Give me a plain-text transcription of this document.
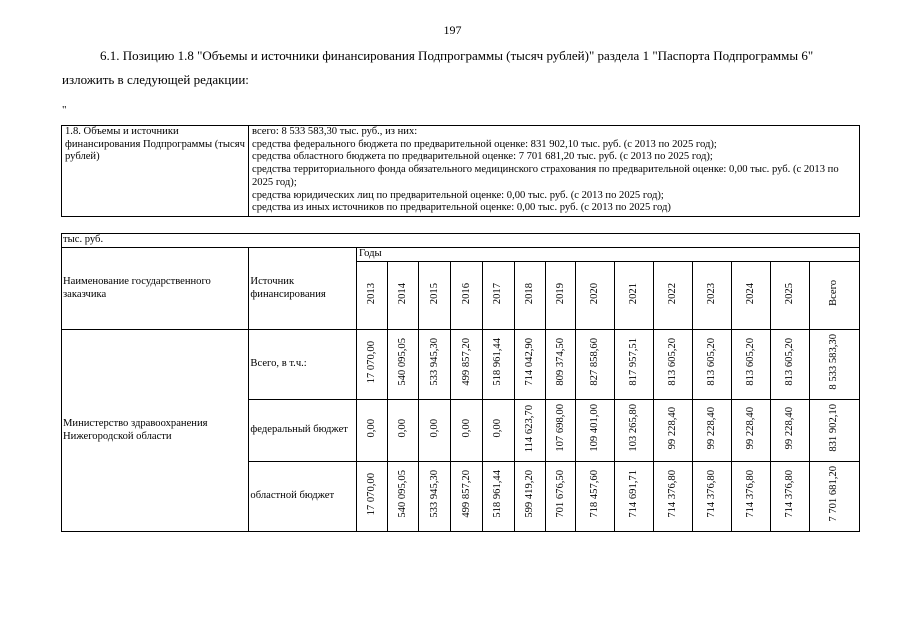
197
6.1. Позицию 1.8 "Объемы и источники финансирования Подпрограммы (тысяч рублей)" раздела 1 "Паспорта Подпрограммы 6" изложить в следующей редакции:
"
1.8. Объемы и источники финансирования Подпрограммы (тысяч рублей)	
всего: 8 533 583,30 тыс. руб., из них:
средства федерального бюджета по предварительной оценке: 831 902,10 тыс. руб. (с 2013 по 2025 год);
средства областного бюджета по предварительной оценке: 7 701 681,20 тыс. руб. (с 2013 по 2025 год);
средства территориального фонда обязательного медицинского страхования по предварительной оценке: 0,00 тыс. руб. (с 2013 по 2025 год);
средства юридических лиц по предварительной оценке: 0,00 тыс. руб. (с 2013 по 2025 год);
средства из иных источников по предварительной оценке: 0,00 тыс. руб. (с 2013 по 2025 год)
тыс. руб.															
Наименование государственного заказчика	Источник финансирования	Годы													
		2013	2014	2015	2016	2017	2018	2019	2020	2021	2022	2023	2024	2025	Всего
Министерство здравоохранения Нижегородской области	Всего, в т.ч.:	17 070,00	540 095,05	533 945,30	499 857,20	518 961,44	714 042,90	809 374,50	827 858,60	817 957,51	813 605,20	813 605,20	813 605,20	813 605,20	8 533 583,30
	федеральный бюджет	0,00	0,00	0,00	0,00	0,00	114 623,70	107 698,00	109 401,00	103 265,80	99 228,40	99 228,40	99 228,40	99 228,40	831 902,10
	областной бюджет	17 070,00	540 095,05	533 945,30	499 857,20	518 961,44	599 419,20	701 676,50	718 457,60	714 691,71	714 376,80	714 376,80	714 376,80	714 376,80	7 701 681,20
